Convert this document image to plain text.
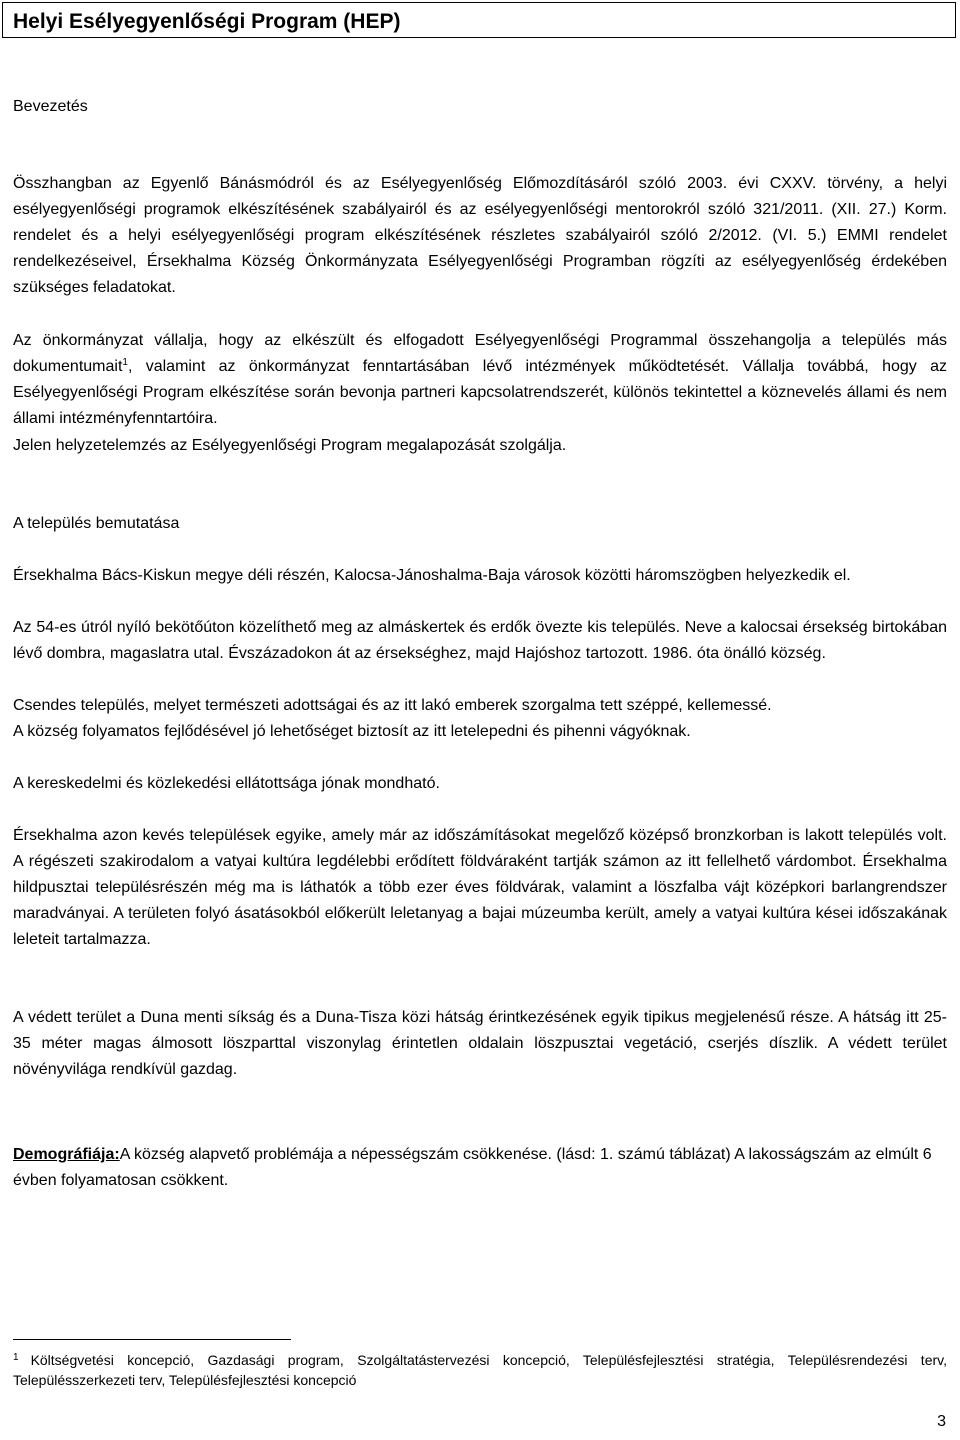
Helyi Esélyegyenlőségi Program (HEP)
Bevezetés
Összhangban az Egyenlő Bánásmódról és az Esélyegyenlőség Előmozdításáról szóló 2003. évi CXXV. törvény, a helyi esélyegyenlőségi programok elkészítésének szabályairól és az esélyegyenlőségi mentorokról szóló 321/2011. (XII. 27.) Korm. rendelet és a helyi esélyegyenlőségi program elkészítésének részletes szabályairól szóló 2/2012. (VI. 5.) EMMI rendelet rendelkezéseivel, Érsekhalma Község Önkormányzata Esélyegyenlőségi Programban rögzíti az esélyegyenlőség érdekében szükséges feladatokat.
Az önkormányzat vállalja, hogy az elkészült és elfogadott Esélyegyenlőségi Programmal összehangolja a település más dokumentumait$^1$, valamint az önkormányzat fenntartásában lévő intézmények működtetését. Vállalja továbbá, hogy az Esélyegyenlőségi Program elkészítése során bevonja partneri kapcsolatrendszerét, különös tekintettel a köznevelés állami és nem állami intézményfenntartóira.
Jelen helyzetelemzés az Esélyegyenlőségi Program megalapozását szolgálja.
A település bemutatása
Érsekhalma Bács-Kiskun megye déli részén, Kalocsa-Jánoshalma-Baja városok közötti háromszögben helyezkedik el.
Az 54-es útról nyíló bekötőúton közelíthető meg az almáskertek és erdők övezte kis település. Neve a kalocsai érsekség birtokában lévő dombra, magaslatra utal. Évszázadokon át az érsekséghez, majd Hajóshoz tartozott. 1986. óta önálló község.
Csendes település, melyet természeti adottságai és az itt lakó emberek szorgalma tett széppé, kellemessé.
A község folyamatos fejlődésével jó lehetőséget biztosít az itt letelepedni és pihenni vágyóknak.
A kereskedelmi és közlekedési ellátottsága jónak mondható.
Érsekhalma azon kevés települések egyike, amely már az időszámításokat megelőző középső bronzkorban is lakott település volt. A régészeti szakirodalom a vatyai kultúra legdélebbi erődített földváraként tartják számon az itt fellelhető várdombot. Érsekhalma hildpusztai településrészén még ma is láthatók a több ezer éves földvárak, valamint a löszfalba vájt középkori barlangrendszer maradványai. A területen folyó ásatásokból előkerült leletanyag a bajai múzeumba került, amely a vatyai kultúra kései időszakának leleteit tartalmazza.
A védett terület a Duna menti síkság és a Duna-Tisza közi hátság érintkezésének egyik tipikus megjelenésű része. A hátság itt 25-35 méter magas álmosott löszparttal viszonylag érintetlen oldalain löszpusztai vegetáció, cserjés díszlik. A védett terület növényvilága rendkívül gazdag.
Demográfiája:A község alapvető problémája a népességszám csökkenése. (lásd: 1. számú táblázat) A lakosságszám az elmúlt 6 évben folyamatosan csökkent.
$^1$ Költségvetési koncepció, Gazdasági program, Szolgáltatástervezési koncepció, Településfejlesztési stratégia, Településrendezési terv, Településszerkezeti terv, Településfejlesztési koncepció
3
